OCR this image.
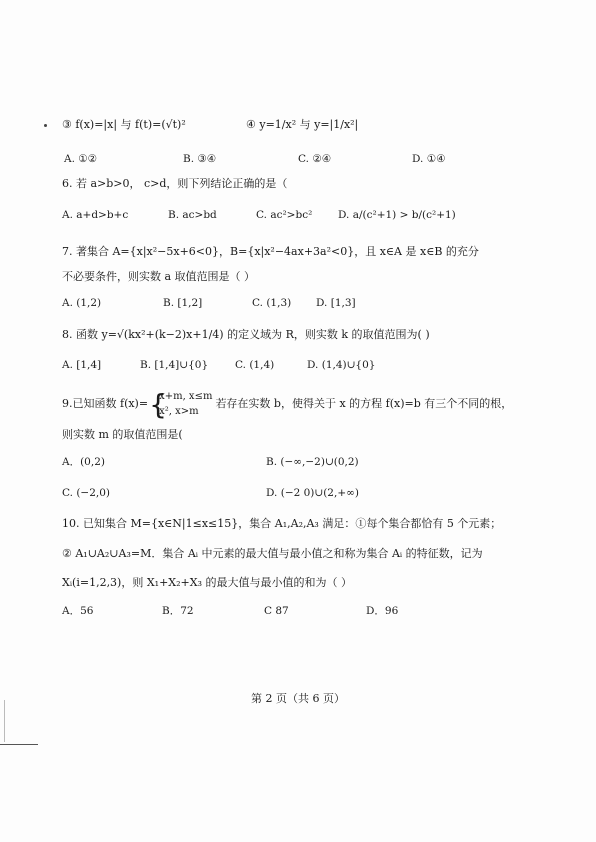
③ f(x)=|x| 与 f(t)=(√t)²	④ y=1/x² 与 y=|1/x²|
A. ①②	B. ③④	C. ②④	D. ①④
6. 若 a>b>0， c>d，则下列结论正确的是（
A. a+d>b+c	B. ac>bd	C. ac²>bc² D. a/(c²+1) > b/(c²+1)
7. 著集合 A={x|x²−5x+6<0}，B={x|x²−4ax+3a²<0}，且 x∈A 是 x∈B 的充分
不必要条件，则实数 a 取值范围是（ ）
A. (1,2)	B. [1,2]	C. (1,3) D. [1,3]
8. 函数 y=√(kx²+(k−2)x+1/4) 的定义域为 R，则实数 k 的取值范围为( )
A. [1,4]	B. [1,4]∪{0}	C. (1,4)	D. (1,4)∪{0}
9.已知函数 f(x)=
{ x+m, x≤m
x², x>m
若存在实数 b，使得关于 x 的方程 f(x)=b 有三个不同的根，
则实数 m 的取值范围是(
A．(0,2)	B. (−∞,−2)∪(0,2)
C. (−2,0)	D. (−2 0)∪(2,+∞)
10. 已知集合 M={x∈N|1≤x≤15}，集合 A₁,A₂,A₃ 满足：①每个集合都恰有 5 个元素；
② A₁∪A₂∪A₃=M．集合 Aᵢ 中元素的最大值与最小值之和称为集合 Aᵢ 的特征数，记为
Xᵢ(i=1,2,3)，则 X₁+X₂+X₃ 的最大值与最小值的和为（ ）
A．56	B．72	C 87	D．96
第 2 页（共 6 页）
